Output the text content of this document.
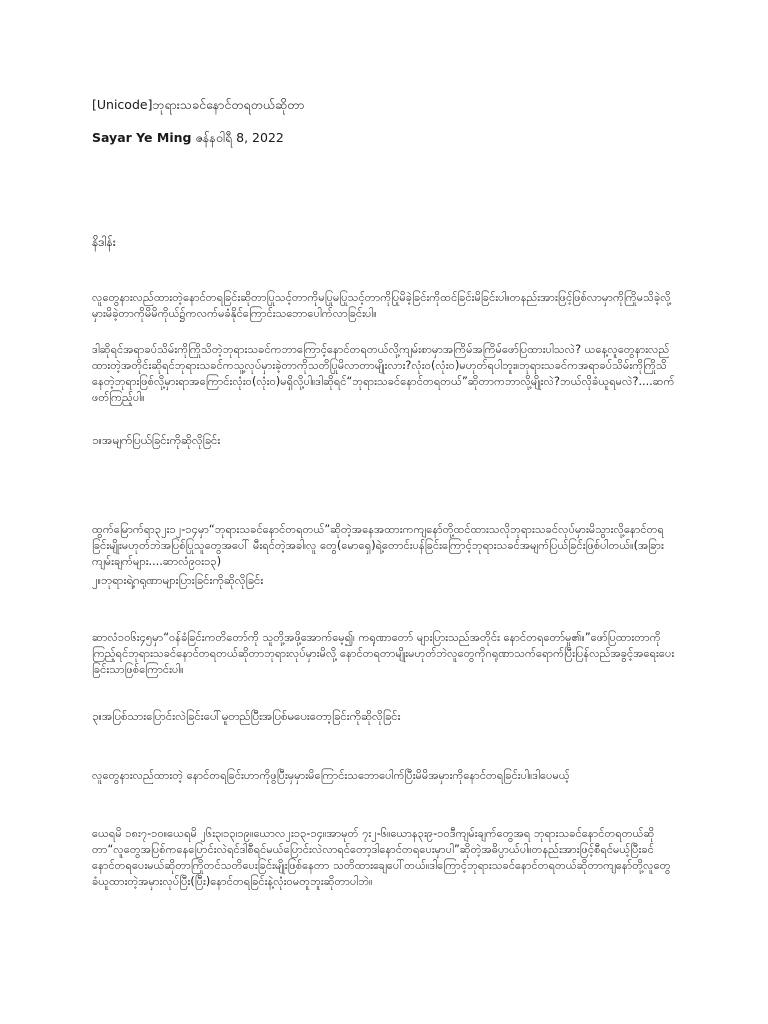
[Unicode]ဘုရားသခင်နောင်တရတယ်ဆိုတာ
Sayar Ye Ming ဇန်နဝါရီ 8, 2022
နိဒါန်း

လူတွေနားလည်ထားတဲ့နောင်တရခြင်းဆိုတာပြုသင့်တာကိုမပြုမပြုသင့်တာကိုပြုမိခဲ့ခြင်းကိုထင်ခြင်းမိခြင်းပါ။တနည်းအားဖြင့်ဖြစ်လာမှာကိုကြိုမသိခဲ့လို့မှားမိခဲ့တာကိုမိမိကိုယ်၌ကလက်မခံနိုင်ကြောင်းသဘောပေါက်လာခြင်းပါ။

ဒါဆိုရင်အရာခပ်သိမ်းကိုကြိုသိတဲ့ဘုရားသခင်ကဘာကြောင့်နောင်တရတယ်လို့ကျမ်းစာမှာအကြိမ်အကြိမ်ဖော်ပြထားပါသလဲ? ယနေ့လူတွေနားလည်ထားတဲ့အတိုင်းဆိုရင်ဘုရားသခင်ကသူ့လုပ်မှားခဲ့တာကိုသတိပြုမိလာတာမျိုးလား?လုံးဝ(လုံးဝ)မဟုတ်ရပါဘူး။ဘုရားသခင်ကအရာခပ်သိမ်းကိုကြိုသိနေတဲ့ဘုရားဖြစ်လို့မှားရာအကြောင်းလုံးဝ(လုံးဝ)မရှိလို့ပါ။ဒါဆိုရင်“ဘုရားသခင်နောင်တရတယ်”ဆိုတာကဘာလို့မျိုးလဲ?ဘယ်လိုခံယူရမလဲ?....ဆက်ဖတ်ကြည့်ပါ။

၁။အမျက်ပြယ်ခြင်းကိုဆိုလိုခြင်း

ထွက်မြောက်ရာ၃၂း၁၂-၁၄မှာ“ဘုရားသခင်နောင်တရတယ်”ဆိုတဲ့အနေအထားကကျနော်တို့ထင်ထားသလိုဘုရားသခင်လုပ်မှားမိသွားလို့နောင်တရခြင်းမျိုးမဟုတ်ဘဲအပြစ်ပြုသူတွေအပေါ် မီးရင်တဲ့အခါ၊လူ တွေ(မောရှေ)ရဲ့တောင်းပန်ခြင်းကြောင့်ဘုရားသခင်အမျက်ပြယ်ခြင်းဖြစ်ပါတယ်။(အခြားကျမ်းချက်များ....ဆာလံ၉၀း၁၃)

၂။ဘုရားရဲ့ဂရုဏာများပြားခြင်းကိုဆိုလိုခြင်း

ဆာလံ၁၀၆း၄၅မှာ“ဝန်ခံခြင်းကတိတော်ကို သူတို့အဖို့အောက်မေ့၍၊ ကရုဏာတော် များပြားသည်အတိုင်း နောင်တရတော်မူ၏။”ဖော်ပြထားတာကိုကြည့်ရင်ဘုရားသခင်နောင်တရတယ်ဆိုတာဘုရားလုပ်မှားမိလို့ နောင်တရတာမျိုးမဟုတ်ဘဲလူတွေကိုဂရုဏာသက်ရောက်ပြီးပြန်လည်အခွင့်အရေးပေးခြင်းသာဖြစ်ကြောင်းပါ။

၃။အပြစ်သားပြောင်းလဲခြင်းပေါ်မူတည်ပြီးအပြစ်မပေးတော့ခြင်းကိုဆိုလိုခြင်း

လူတွေနားလည်ထားတဲ့ နောင်တရခြင်းဟာကိုဖွပြီးမှမှားမိကြောင်းသဘောပေါက်ပြီးမိမိအမှားကိုနောင်တရခြင်းပါ။ဒါပေမယ့်

ယေရမိ ၁၈း၇-၁၀။ယေရမိ ၂၆း၃၊၁၃၊၁၉။ယောလ၂း၁၃-၁၄။အာမုတ် ၇း၂-၆။ယောန၃း၉-၁၀ဒီကျမ်းချက်တွေအရ ဘုရားသခင်နောင်တရတယ်ဆိုတာ“လူတွေအပြစ်ကနေပြောင်းလဲရင်ဒါစီရင်မယ်ပြောင်းလဲလာရင်တော့ဒါနောင်တရပေးမှာပါ”ဆိုတဲ့အဓိပ္ပာယ်ပါ။တနည်းအားဖြင့်စီရင်မယ့်ပြီးခင်နောင်တရပေးမယ်ဆိုတာကြိုတင်သတိပေးခြင်းမျိုးဖြစ်နေတာ သတိထားချေပေါ်တယ်။ဒါကြောင့်ဘုရားသခင်နောင်တရတယ်ဆိုတာကျနော်တို့လူတွေခံယူထားတဲ့အမှားလုပ်ပြီး(ပြီး)နောင်တရခြင်းနဲ့လုံးဝမတူဘူးဆိုတာပါဘဲ။
